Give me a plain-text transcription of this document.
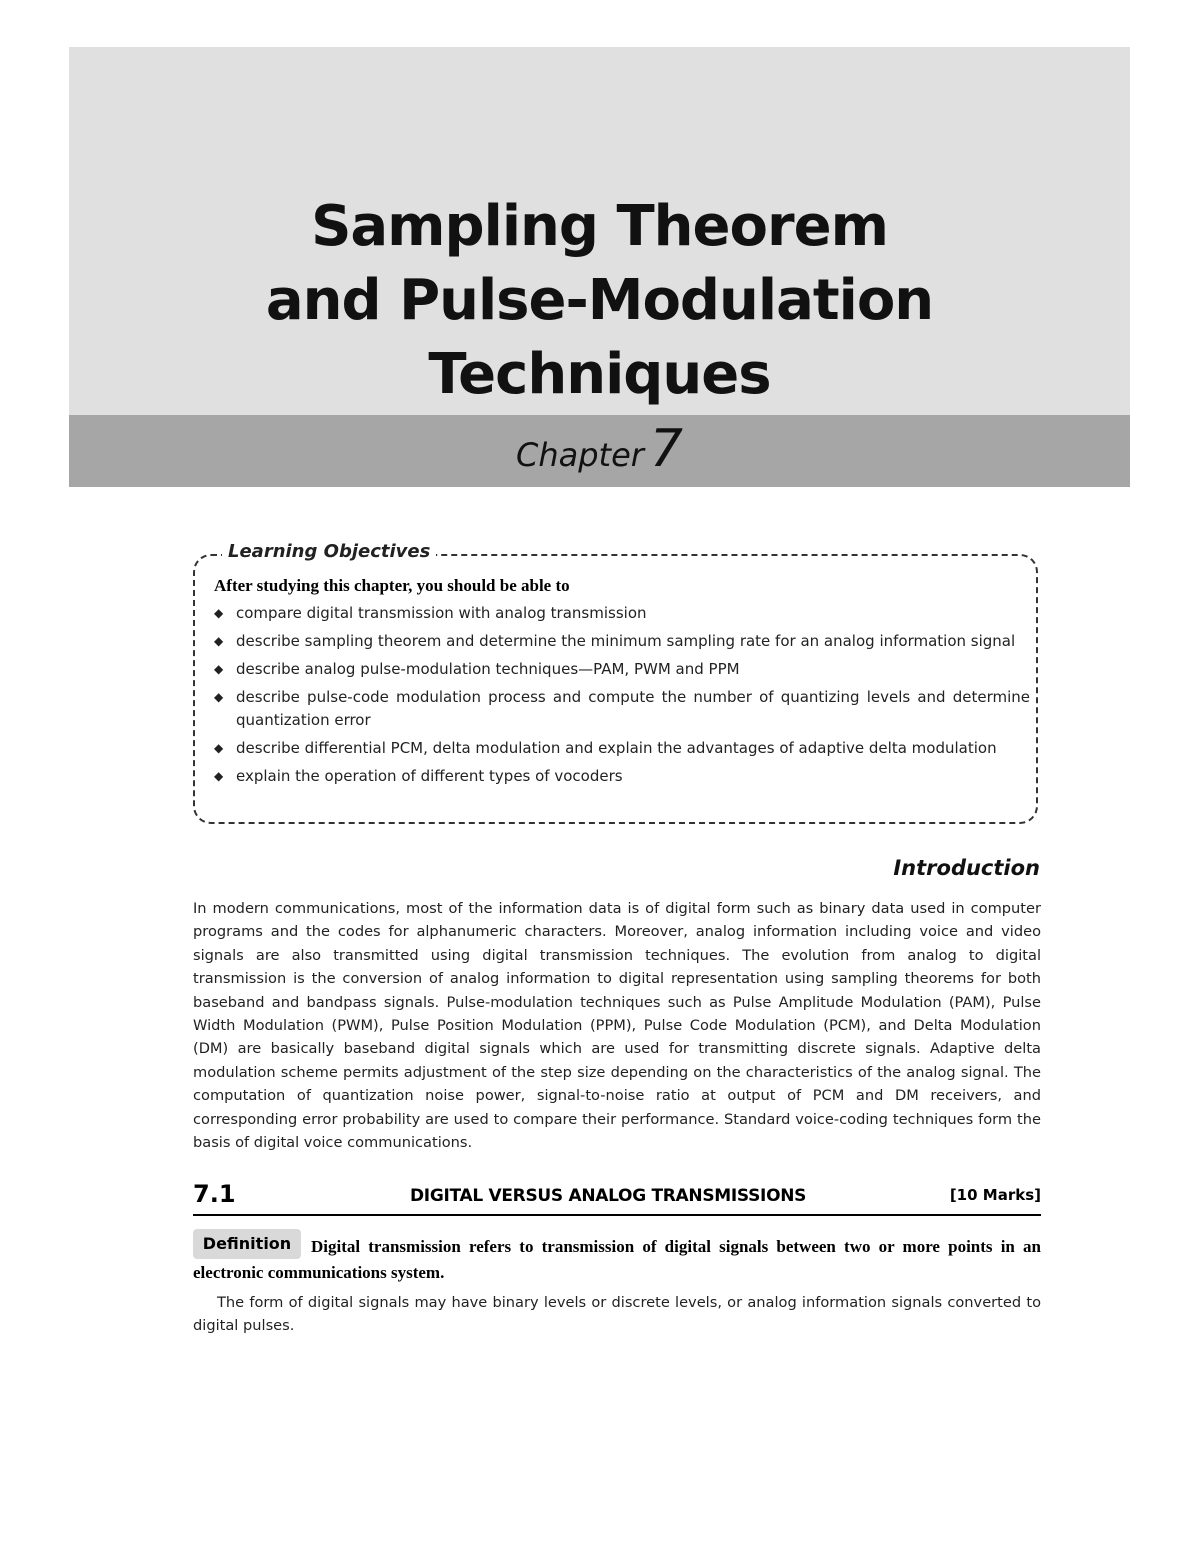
Sampling Theorem
and Pulse-Modulation
Techniques
Chapter 7
Learning Objectives
After studying this chapter, you should be able to
◆ compare digital transmission with analog transmission
◆ describe sampling theorem and determine the minimum sampling rate for an analog information signal
◆ describe analog pulse-modulation techniques—PAM, PWM and PPM
◆ describe pulse-code modulation process and compute the number of quantizing levels and determine quantization error
◆ describe differential PCM, delta modulation and explain the advantages of adaptive delta modulation
◆ explain the operation of different types of vocoders
Introduction

In modern communications, most of the information data is of digital form such as binary data used in computer programs and the codes for alphanumeric characters. Moreover, analog information including voice and video signals are also transmitted using digital transmission techniques. The evolution from analog to digital transmission is the conversion of analog information to digital representation using sampling theorems for both baseband and bandpass signals. Pulse-modulation techniques such as Pulse Amplitude Modulation (PAM), Pulse Width Modulation (PWM), Pulse Position Modulation (PPM), Pulse Code Modulation (PCM), and Delta Modulation (DM) are basically baseband digital signals which are used for transmitting discrete signals. Adaptive delta modulation scheme permits adjustment of the step size depending on the characteristics of the analog signal. The computation of quantization noise power, signal-to-noise ratio at output of PCM and DM receivers, and corresponding error probability are used to compare their performance. Standard voice-coding techniques form the basis of digital voice communications.

7.1	DIGITAL VERSUS ANALOG TRANSMISSIONS	[10 Marks]

Digital transmission refers to transmission of digital signals between two or more points in an electronic communications system.

Definition

The form of digital signals may have binary levels or discrete levels, or analog information signals converted to digital pulses.
